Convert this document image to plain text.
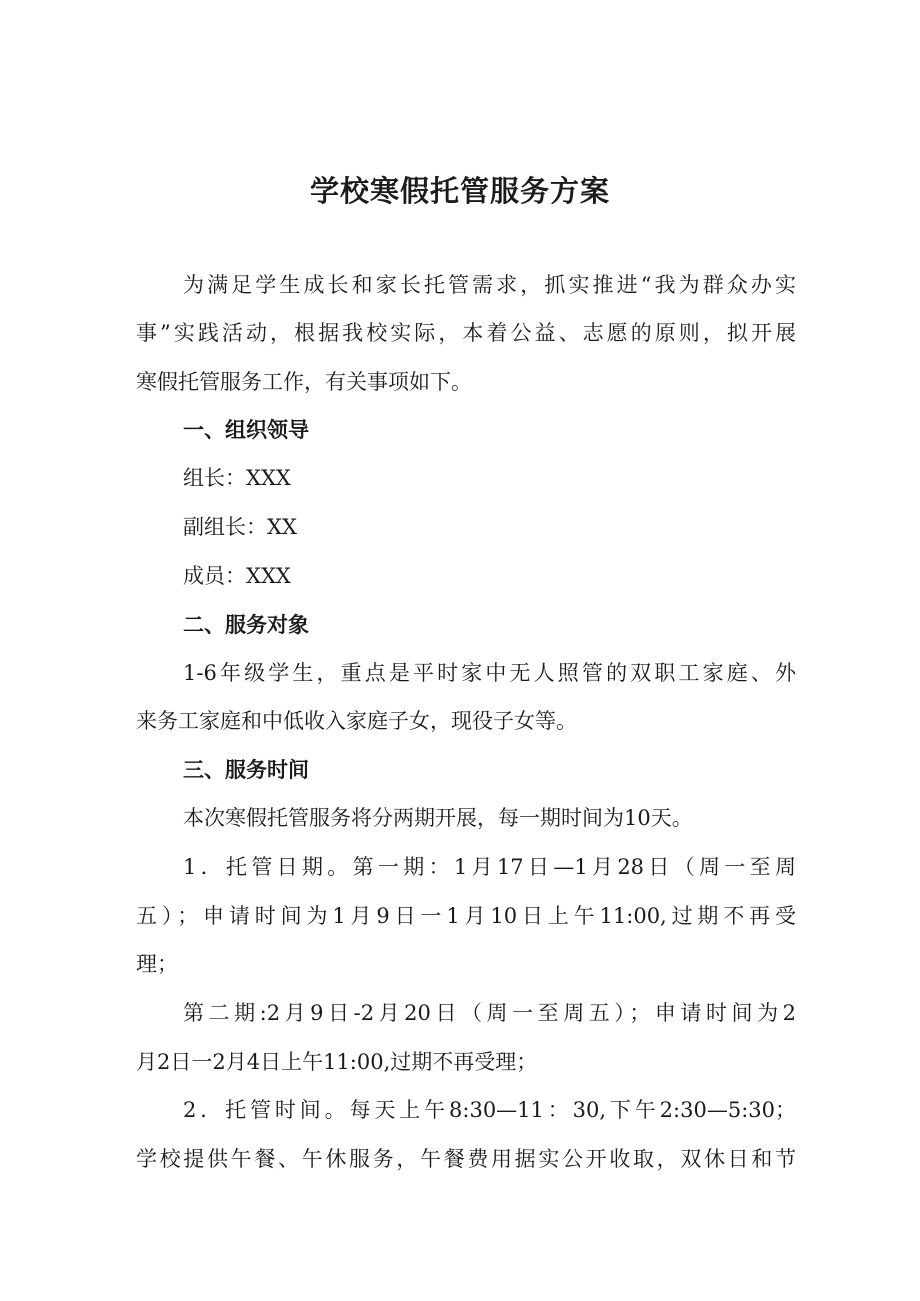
学校寒假托管服务方案
为满足学生成长和家长托管需求，抓实推进“我为群众办实
事”实践活动，根据我校实际，本着公益、志愿的原则，拟开展
寒假托管服务工作，有关事项如下。
一、组织领导
组长：XXX
副组长：XX
成员：XXX
二、服务对象
1-6年级学生，重点是平时家中无人照管的双职工家庭、外
来务工家庭和中低收入家庭子女，现役子女等。
三、服务时间
本次寒假托管服务将分两期开展，每一期时间为10天。
1．托管日期。第一期：1月17日—1月28日（周一至周
五）；申请时间为1月9日一1月10日上午11:00,过期不再受
理；
第二期:2月9日-2月20日（周一至周五）；申请时间为2
月2日一2月4日上午11:00,过期不再受理；
2．托管时间。每天上午8:30—11：30,下午2:30—5:30；
学校提供午餐、午休服务，午餐费用据实公开收取，双休日和节
